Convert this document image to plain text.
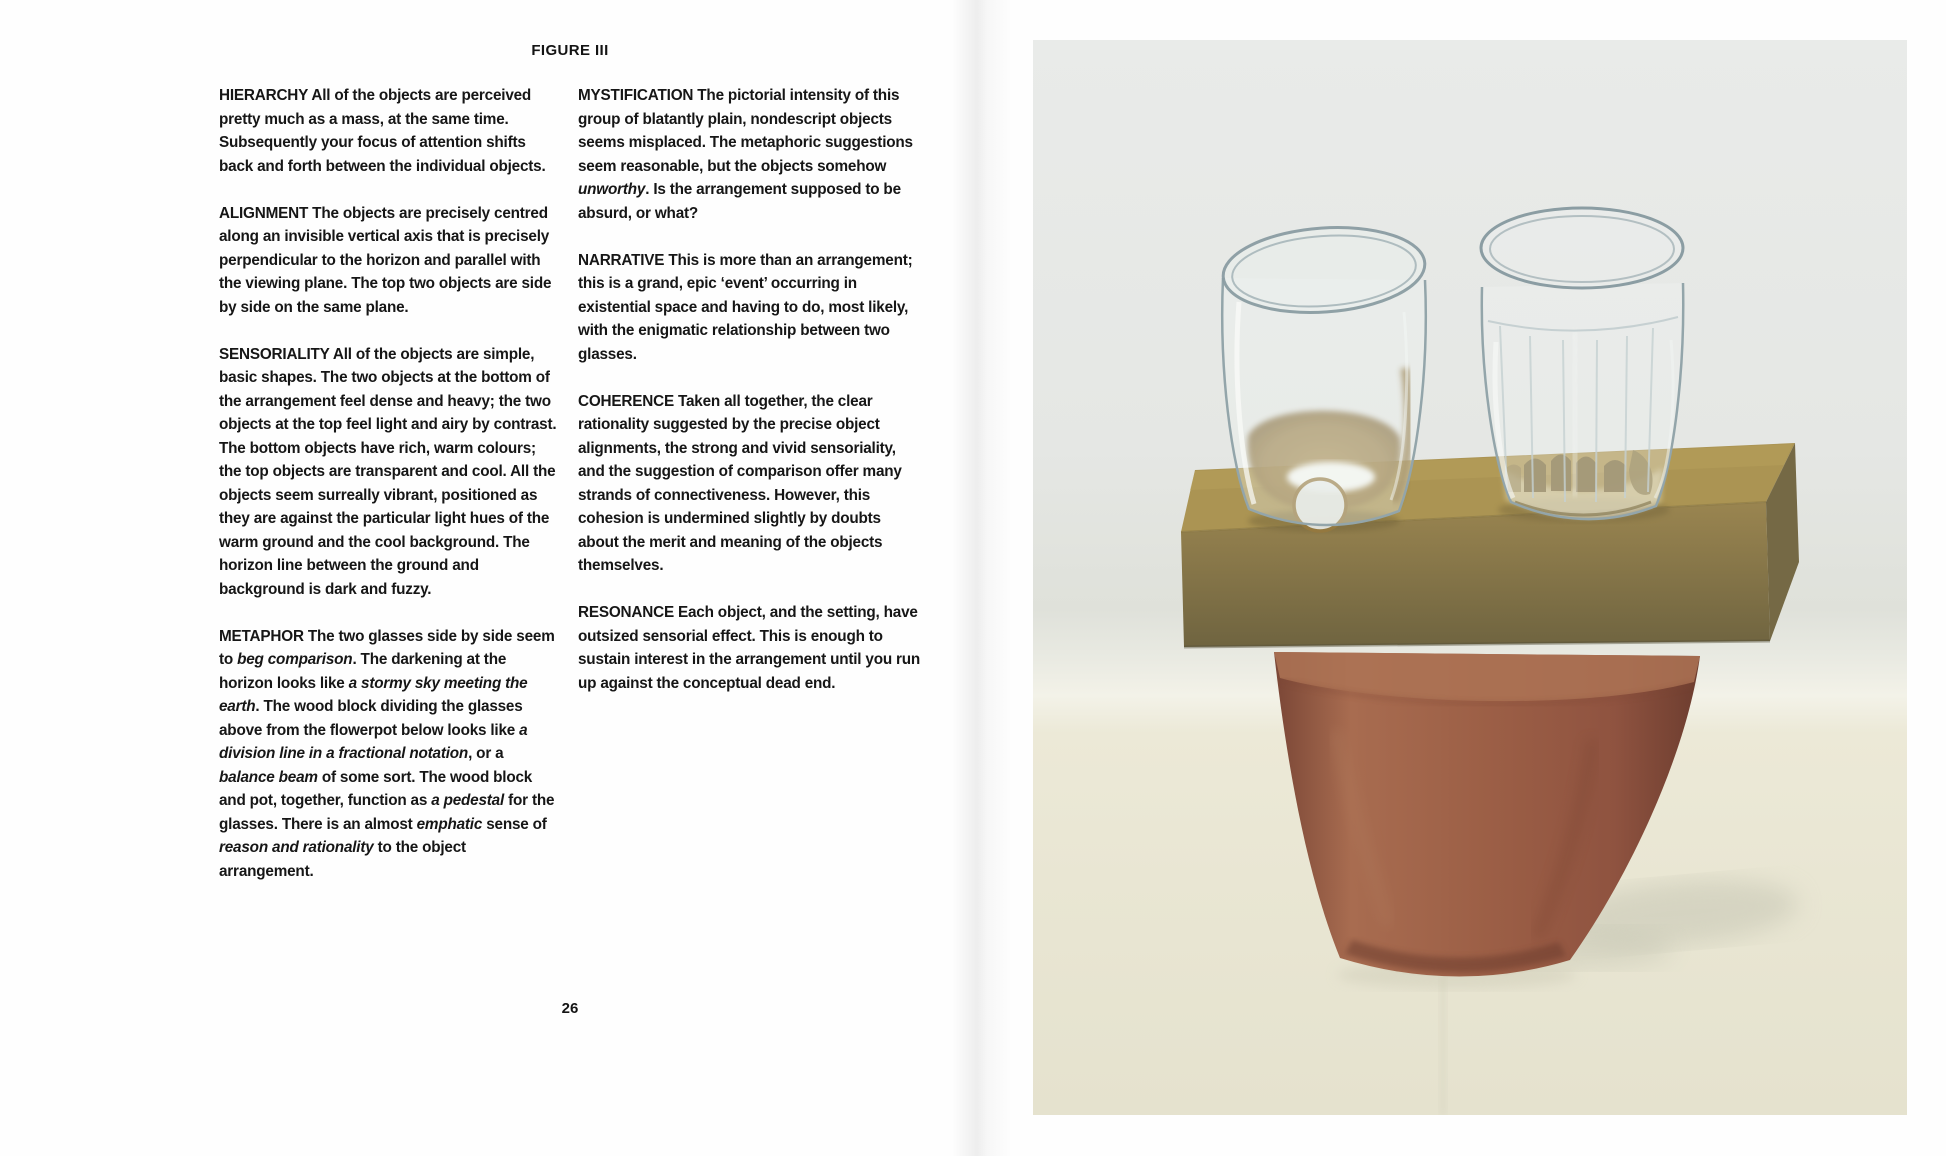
FIGURE III

HIERARCHY All of the objects are perceived pretty much as a mass, at the same time. Subsequently your focus of attention shifts back and forth between the individual objects.

ALIGNMENT The objects are precisely centred along an invisible vertical axis that is precisely perpendicular to the horizon and parallel with the viewing plane. The top two objects are side by side on the same plane.

SENSORIALITY All of the objects are simple, basic shapes. The two objects at the bottom of the arrangement feel dense and heavy; the two objects at the top feel light and airy by contrast. The bottom objects have rich, warm colours; the top objects are transparent and cool. All the objects seem surreally vibrant, positioned as they are against the particular light hues of the warm ground and the cool background. The horizon line between the ground and background is dark and fuzzy.

METAPHOR The two glasses side by side seem to beg comparison. The darkening at the horizon looks like a stormy sky meeting the earth. The wood block dividing the glasses above from the flowerpot below looks like a division line in a fractional notation, or a balance beam of some sort. The wood block and pot, together, function as a pedestal for the glasses. There is an almost emphatic sense of reason and rationality to the object arrangement.

MYSTIFICATION The pictorial intensity of this group of blatantly plain, nondescript objects seems misplaced. The metaphoric suggestions seem reasonable, but the objects somehow unworthy. Is the arrangement supposed to be absurd, or what?

NARRATIVE This is more than an arrangement; this is a grand, epic ‘event’ occurring in existential space and having to do, most likely, with the enigmatic relationship between two glasses.

COHERENCE Taken all together, the clear rationality suggested by the precise object alignments, the strong and vivid sensoriality, and the suggestion of comparison offer many strands of connectiveness. However, this cohesion is undermined slightly by doubts about the merit and meaning of the objects themselves.

RESONANCE Each object, and the setting, have outsized sensorial effect. This is enough to sustain interest in the arrangement until you run up against the conceptual dead end.

26
